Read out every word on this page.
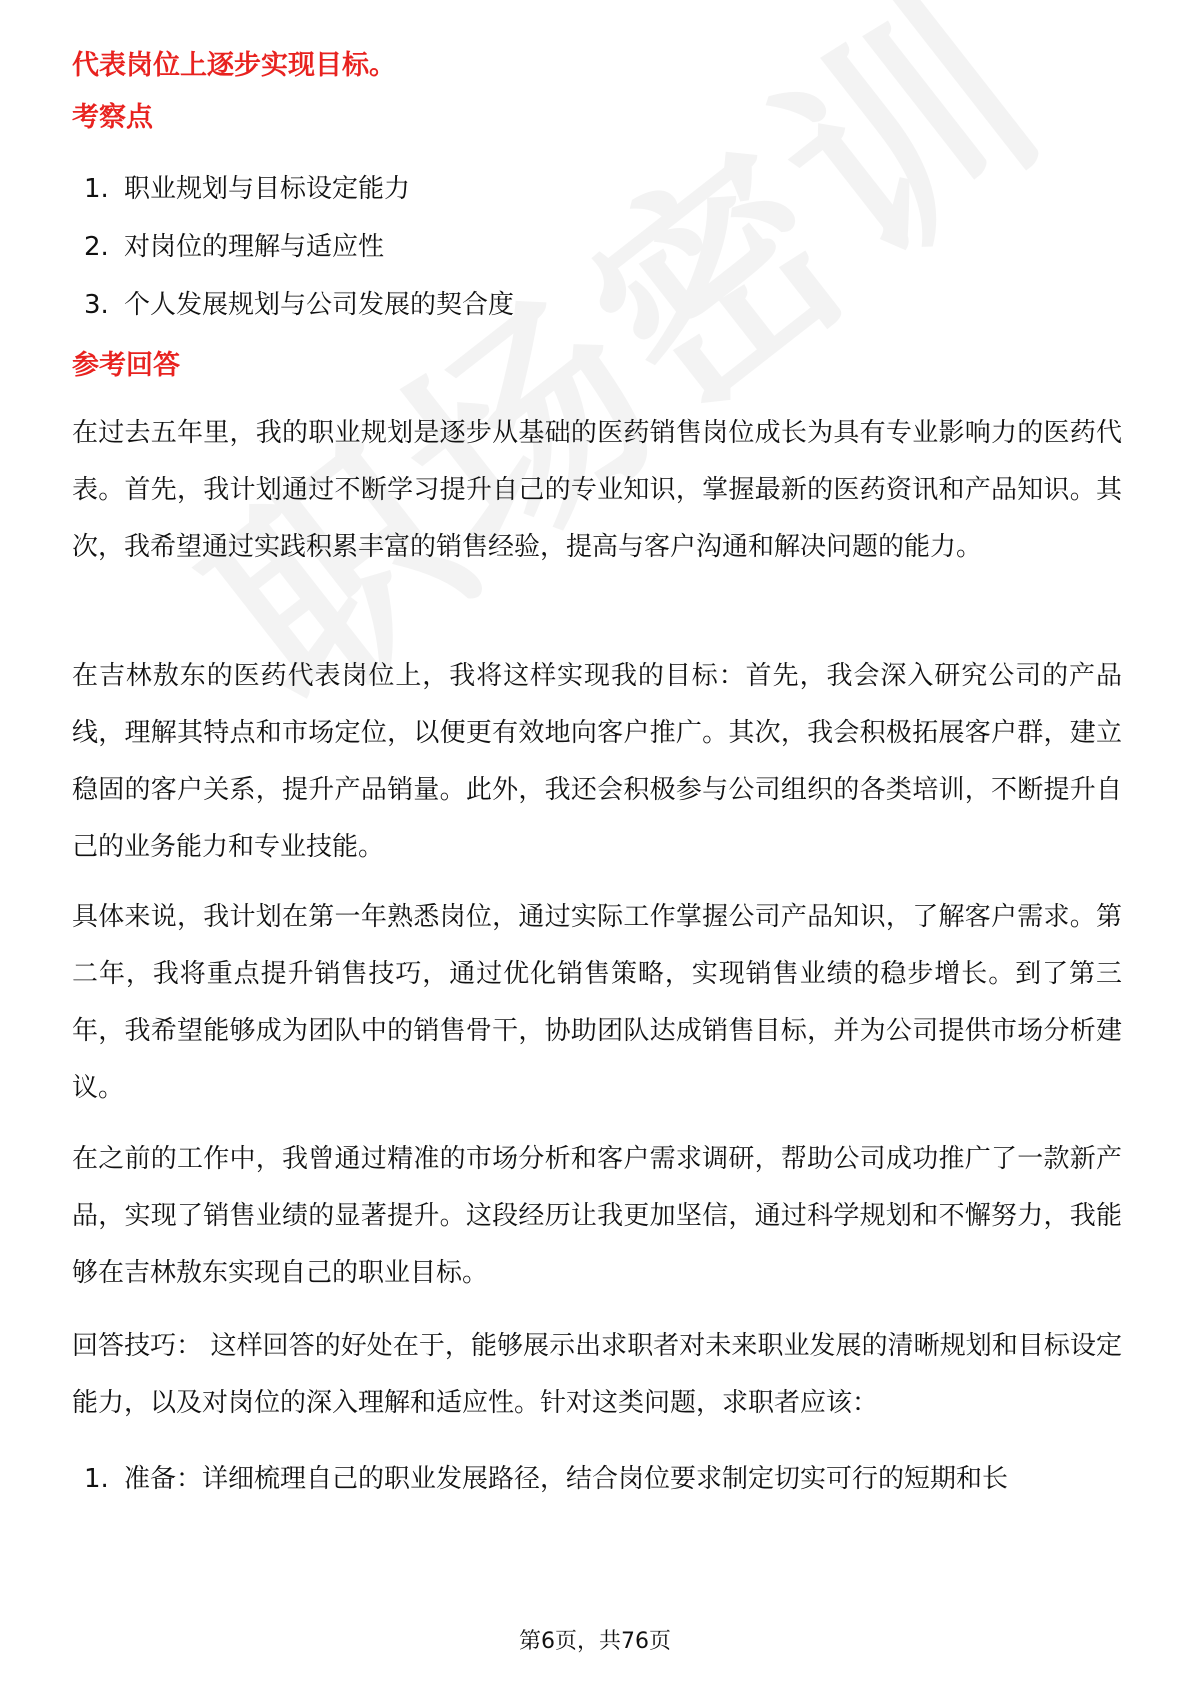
代表岗位上逐步实现目标。

考察点
1. 职业规划与目标设定能力
2. 对岗位的理解与适应性
3. 个人发展规划与公司发展的契合度
参考回答

在过去五年里，我的职业规划是逐步从基础的医药销售岗位成长为具有专业影响力的医药代表。首先，我计划通过不断学习提升自己的专业知识，掌握最新的医药资讯和产品知识。其次，我希望通过实践积累丰富的销售经验，提高与客户沟通和解决问题的能力。

在吉林敖东的医药代表岗位上，我将这样实现我的目标：首先，我会深入研究公司的产品线，理解其特点和市场定位，以便更有效地向客户推广。其次，我会积极拓展客户群，建立稳固的客户关系，提升产品销量。此外，我还会积极参与公司组织的各类培训，不断提升自己的业务能力和专业技能。

具体来说，我计划在第一年熟悉岗位，通过实际工作掌握公司产品知识，了解客户需求。第二年，我将重点提升销售技巧，通过优化销售策略，实现销售业绩的稳步增长。到了第三年，我希望能够成为团队中的销售骨干，协助团队达成销售目标，并为公司提供市场分析建议。

在之前的工作中，我曾通过精准的市场分析和客户需求调研，帮助公司成功推广了一款新产品，实现了销售业绩的显著提升。这段经历让我更加坚信，通过科学规划和不懈努力，我能够在吉林敖东实现自己的职业目标。

回答技巧： 这样回答的好处在于，能够展示出求职者对未来职业发展的清晰规划和目标设定能力，以及对岗位的深入理解和适应性。针对这类问题，求职者应该：

1. 准备：详细梳理自己的职业发展路径，结合岗位要求制定切实可行的短期和长
第6页，共76页
